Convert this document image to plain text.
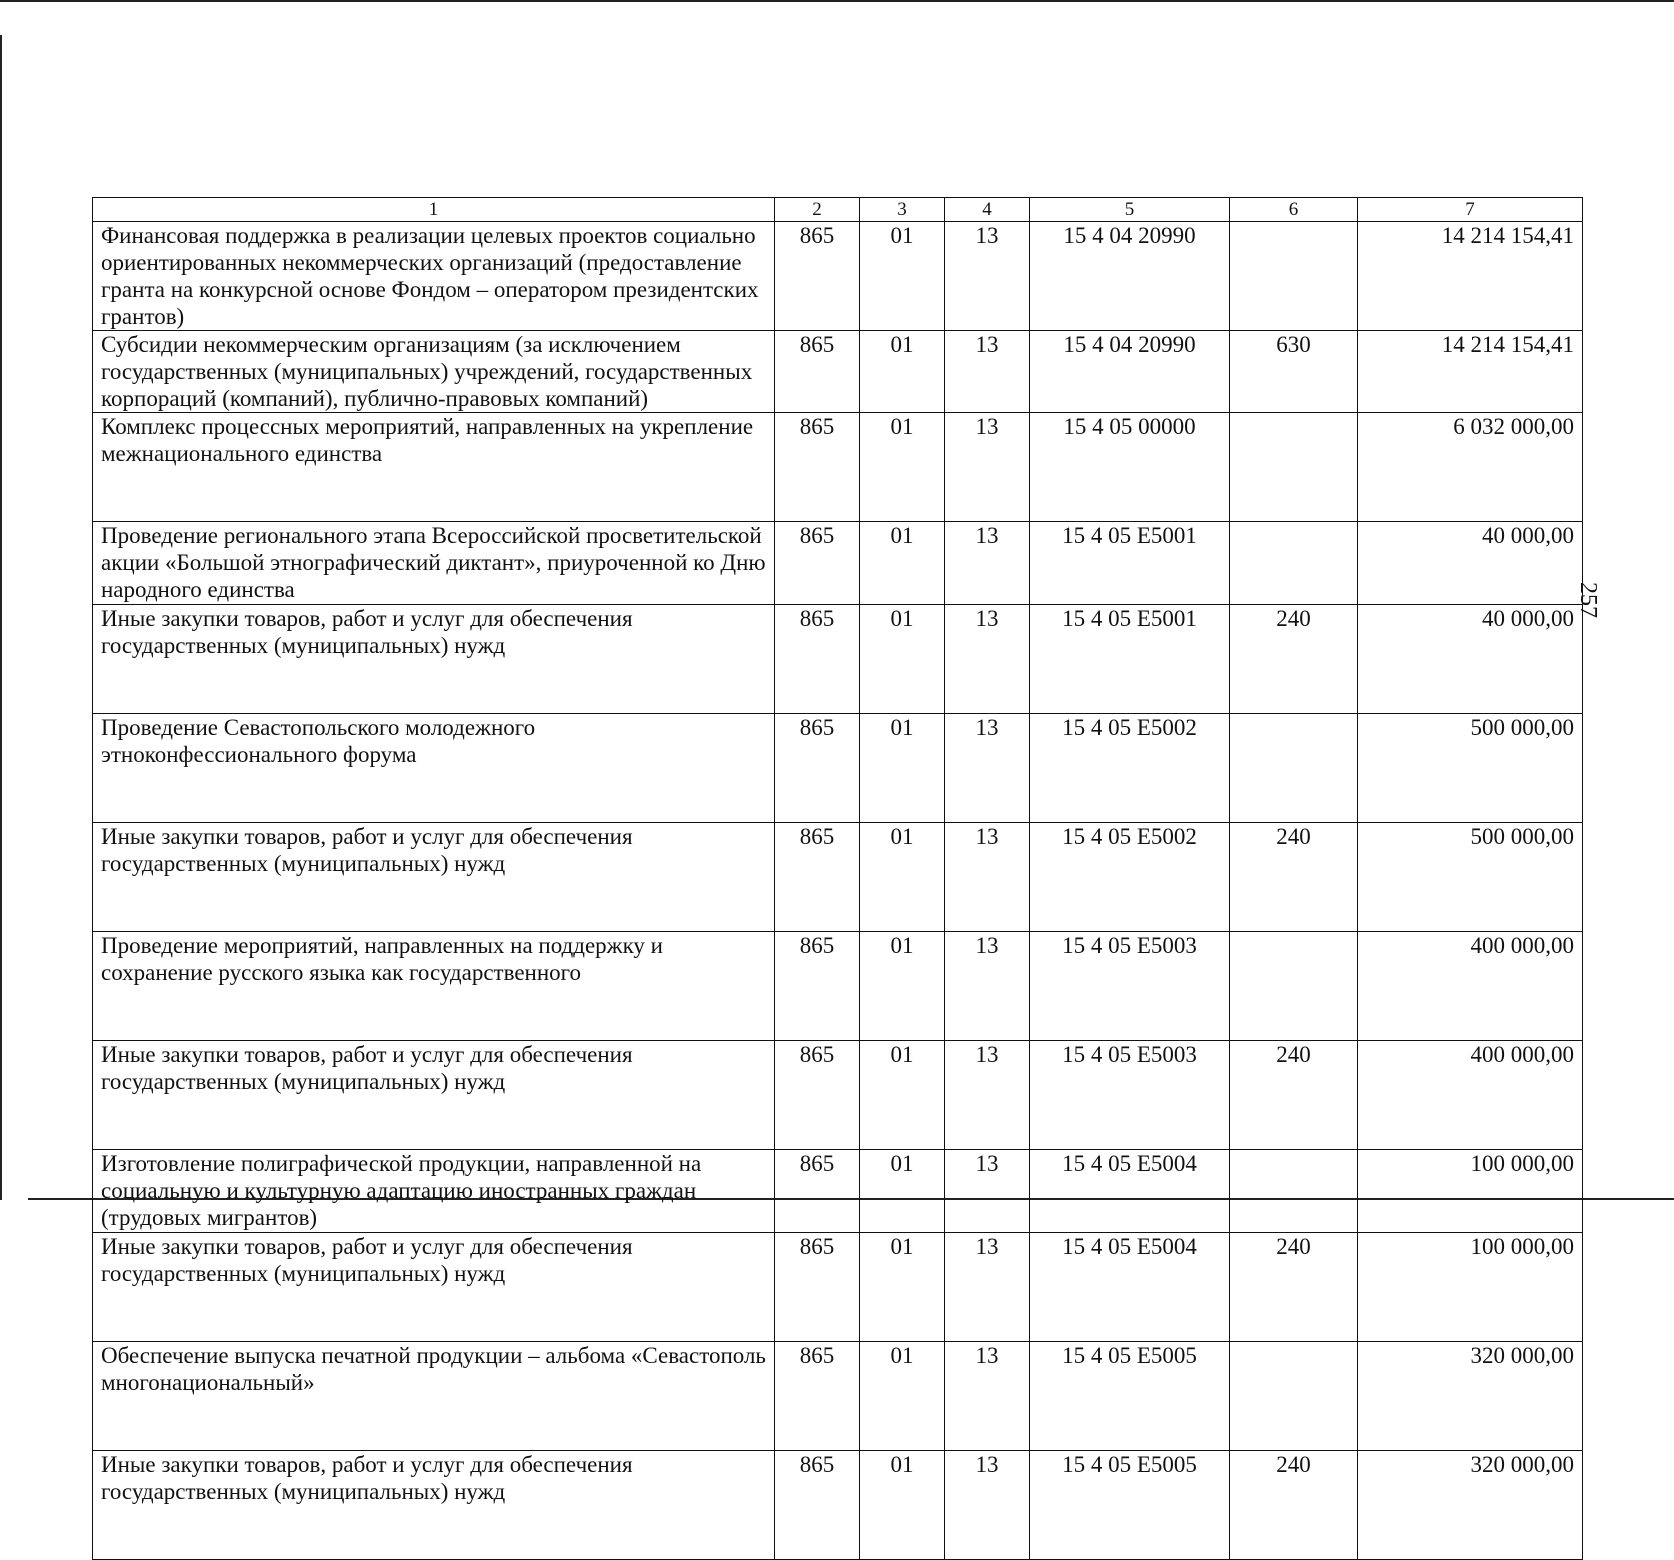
257
1	2	3	4	5	6	7
Финансовая поддержка в реализации целевых проектов социально ориентированных некоммерческих организаций (предоставление гранта на конкурсной основе Фондом – оператором президентских грантов)	865	01	13	15 4 04 20990		14 214 154,41
Субсидии некоммерческим организациям (за исключением государственных (муниципальных) учреждений, государственных корпораций (компаний), публично-правовых компаний)	865	01	13	15 4 04 20990	630	14 214 154,41
Комплекс процессных мероприятий, направленных на укрепление межнационального единства	865	01	13	15 4 05 00000		6 032 000,00
Проведение регионального этапа Всероссийской просветительской акции «Большой этнографический диктант», приуроченной ко Дню народного единства	865	01	13	15 4 05 E5001		40 000,00
Иные закупки товаров, работ и услуг для обеспечения государственных (муниципальных) нужд	865	01	13	15 4 05 E5001	240	40 000,00
Проведение Севастопольского молодежного этноконфессионального форума	865	01	13	15 4 05 E5002		500 000,00
Иные закупки товаров, работ и услуг для обеспечения государственных (муниципальных) нужд	865	01	13	15 4 05 E5002	240	500 000,00
Проведение мероприятий, направленных на поддержку и сохранение русского языка как государственного	865	01	13	15 4 05 E5003		400 000,00
Иные закупки товаров, работ и услуг для обеспечения государственных (муниципальных) нужд	865	01	13	15 4 05 E5003	240	400 000,00
Изготовление полиграфической продукции, направленной на социальную и культурную адаптацию иностранных граждан (трудовых мигрантов)	865	01	13	15 4 05 E5004		100 000,00
Иные закупки товаров, работ и услуг для обеспечения государственных (муниципальных) нужд	865	01	13	15 4 05 E5004	240	100 000,00
Обеспечение выпуска печатной продукции – альбома «Севастополь многонациональный»	865	01	13	15 4 05 E5005		320 000,00
Иные закупки товаров, работ и услуг для обеспечения государственных (муниципальных) нужд	865	01	13	15 4 05 E5005	240	320 000,00
